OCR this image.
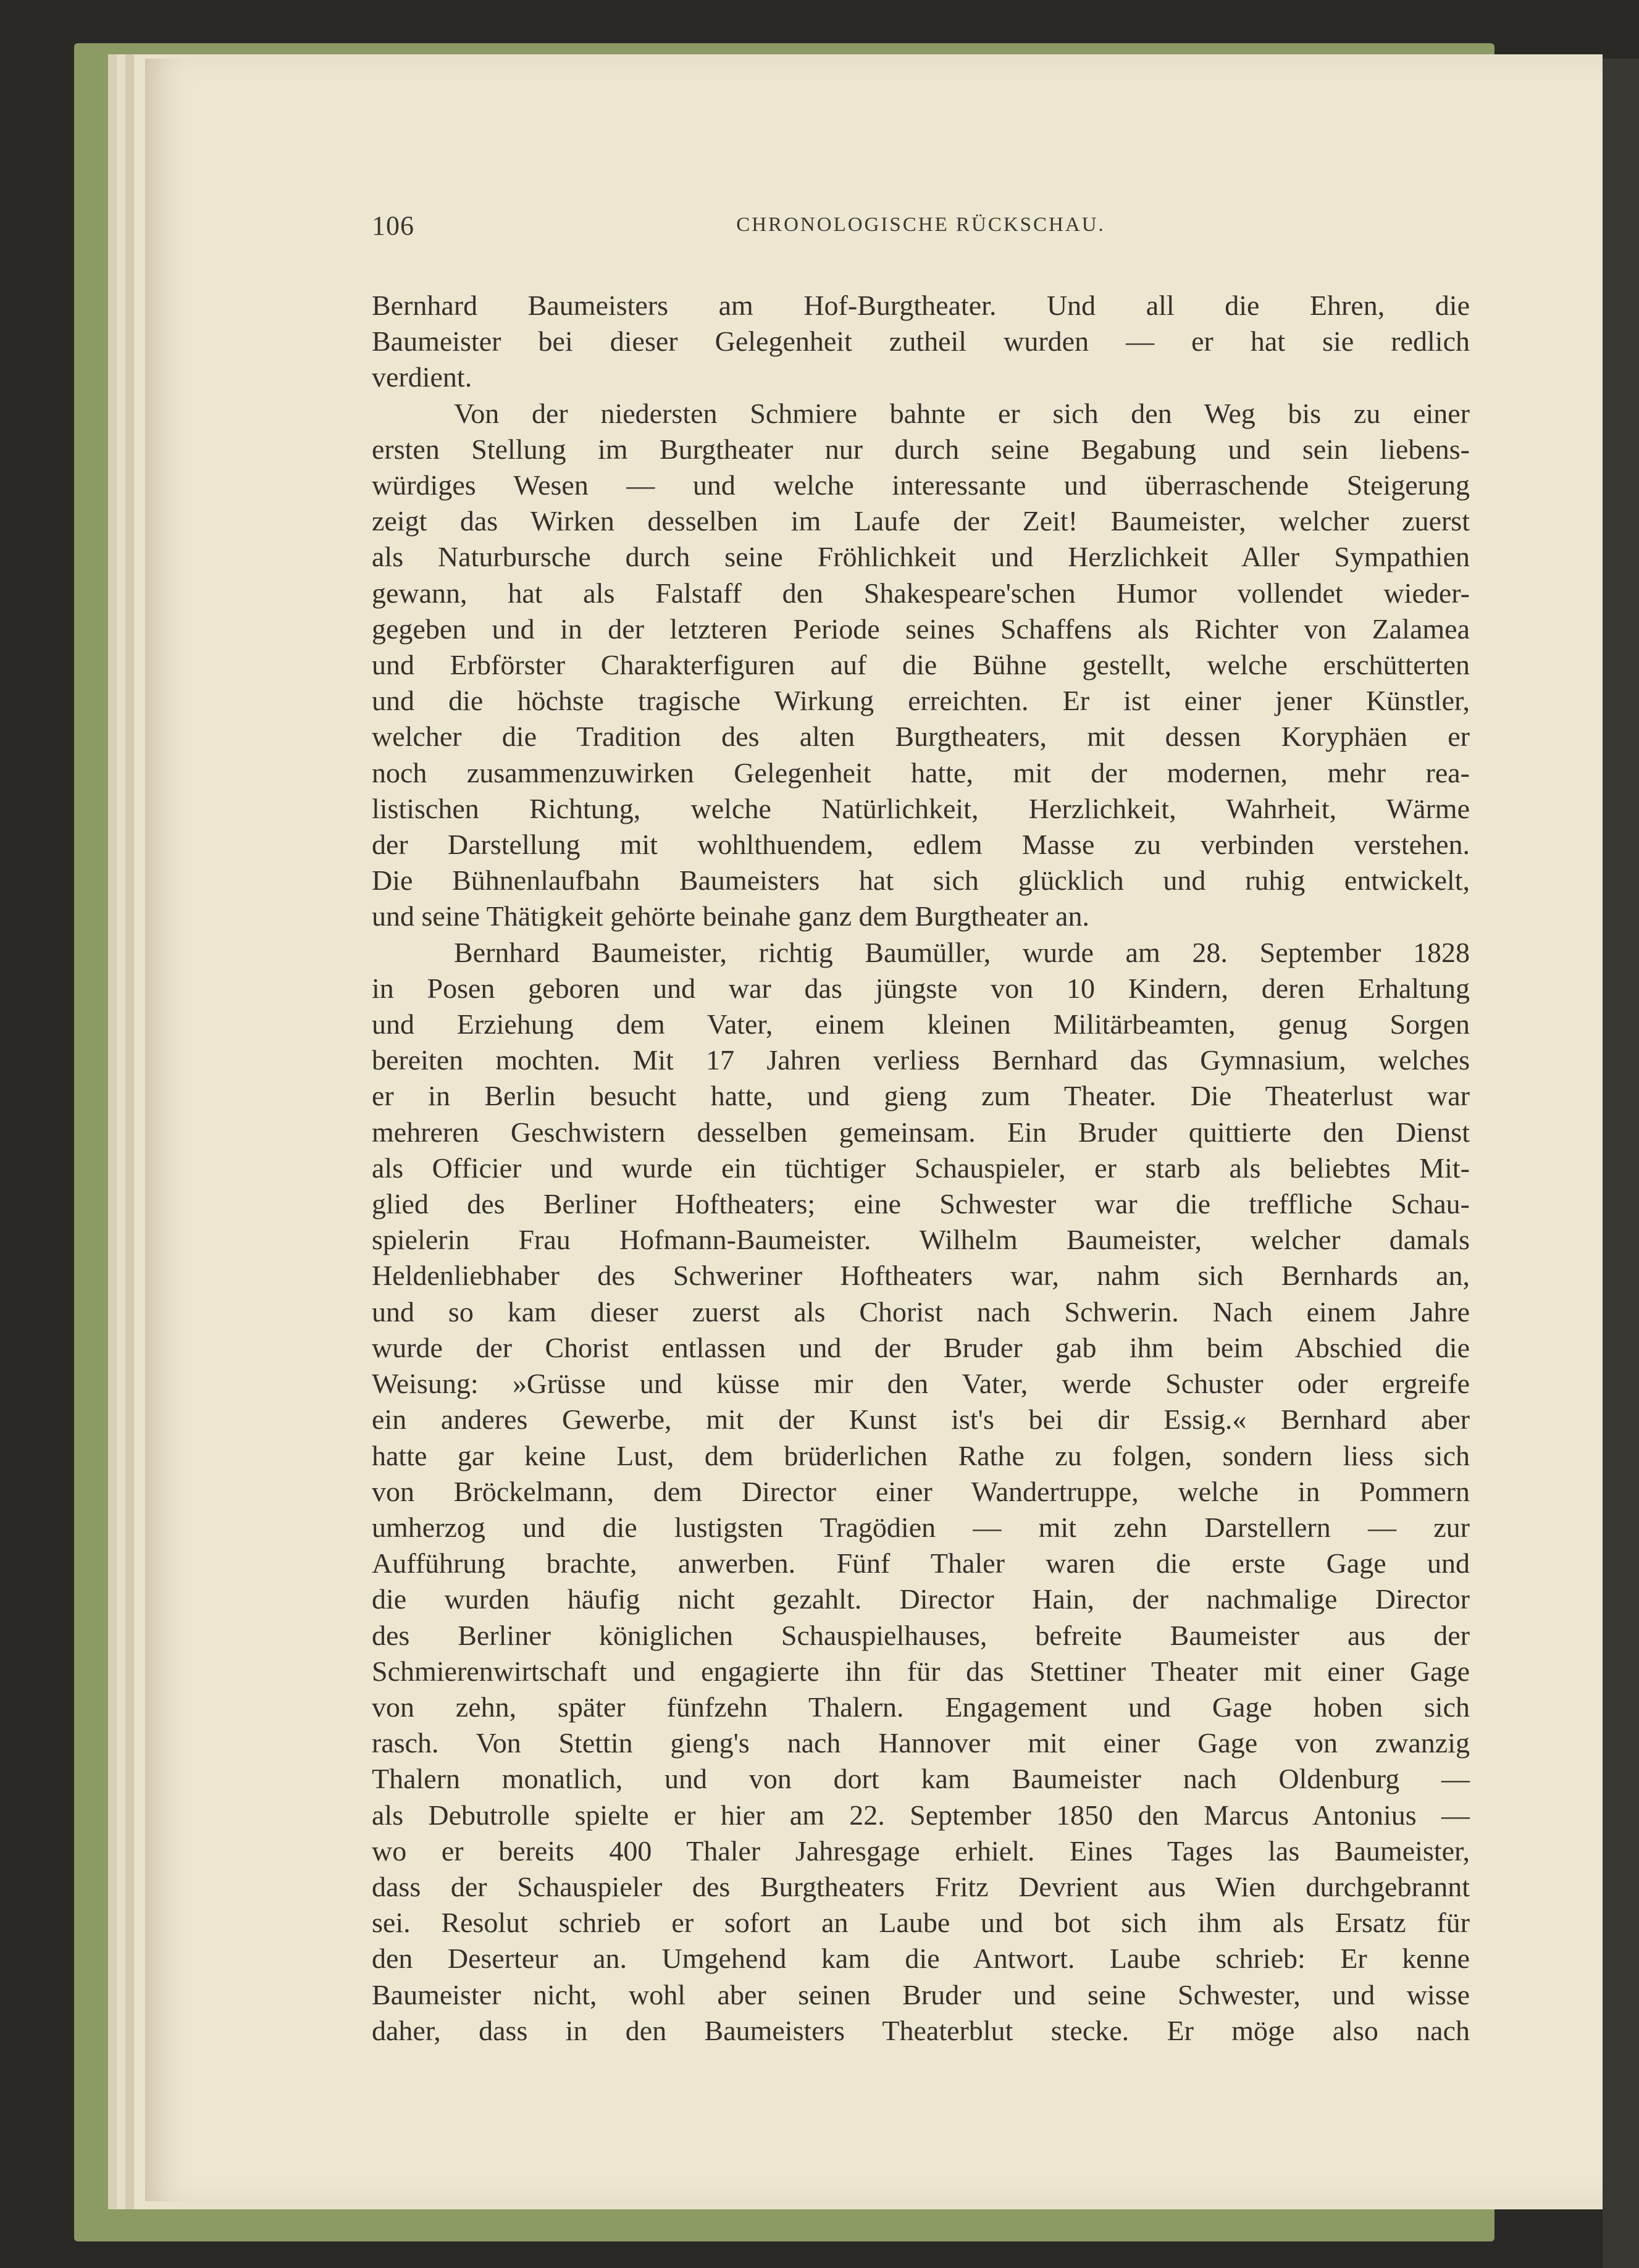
106	CHRONOLOGISCHE RÜCKSCHAU.

Bernhard Baumeisters am Hof-Burgtheater. Und all die Ehren, die
Baumeister bei dieser Gelegenheit zutheil wurden — er hat sie redlich
verdient.

Von der niedersten Schmiere bahnte er sich den Weg bis zu einer
ersten Stellung im Burgtheater nur durch seine Begabung und sein liebens-
würdiges Wesen — und welche interessante und überraschende Steigerung
zeigt das Wirken desselben im Laufe der Zeit! Baumeister, welcher zuerst
als Naturbursche durch seine Fröhlichkeit und Herzlichkeit Aller Sympathien
gewann, hat als Falstaff den Shakespeare'schen Humor vollendet wieder-
gegeben und in der letzteren Periode seines Schaffens als Richter von Zalamea
und Erbförster Charakterfiguren auf die Bühne gestellt, welche erschütterten
und die höchste tragische Wirkung erreichten. Er ist einer jener Künstler,
welcher die Tradition des alten Burgtheaters, mit dessen Koryphäen er
noch zusammenzuwirken Gelegenheit hatte, mit der modernen, mehr rea-
listischen Richtung, welche Natürlichkeit, Herzlichkeit, Wahrheit, Wärme
der Darstellung mit wohlthuendem, edlem Masse zu verbinden verstehen.
Die Bühnenlaufbahn Baumeisters hat sich glücklich und ruhig entwickelt,
und seine Thätigkeit gehörte beinahe ganz dem Burgtheater an.

Bernhard Baumeister, richtig Baumüller, wurde am 28. September 1828
in Posen geboren und war das jüngste von 10 Kindern, deren Erhaltung
und Erziehung dem Vater, einem kleinen Militärbeamten, genug Sorgen
bereiten mochten. Mit 17 Jahren verliess Bernhard das Gymnasium, welches
er in Berlin besucht hatte, und gieng zum Theater. Die Theaterlust war
mehreren Geschwistern desselben gemeinsam. Ein Bruder quittierte den Dienst
als Officier und wurde ein tüchtiger Schauspieler, er starb als beliebtes Mit-
glied des Berliner Hoftheaters; eine Schwester war die treffliche Schau-
spielerin Frau Hofmann-Baumeister. Wilhelm Baumeister, welcher damals
Heldenliebhaber des Schweriner Hoftheaters war, nahm sich Bernhards an,
und so kam dieser zuerst als Chorist nach Schwerin. Nach einem Jahre
wurde der Chorist entlassen und der Bruder gab ihm beim Abschied die
Weisung: »Grüsse und küsse mir den Vater, werde Schuster oder ergreife
ein anderes Gewerbe, mit der Kunst ist's bei dir Essig.« Bernhard aber
hatte gar keine Lust, dem brüderlichen Rathe zu folgen, sondern liess sich
von Bröckelmann, dem Director einer Wandertruppe, welche in Pommern
umherzog und die lustigsten Tragödien — mit zehn Darstellern — zur
Aufführung brachte, anwerben. Fünf Thaler waren die erste Gage und
die wurden häufig nicht gezahlt. Director Hain, der nachmalige Director
des Berliner königlichen Schauspielhauses, befreite Baumeister aus der
Schmierenwirtschaft und engagierte ihn für das Stettiner Theater mit einer Gage
von zehn, später fünfzehn Thalern. Engagement und Gage hoben sich
rasch. Von Stettin gieng's nach Hannover mit einer Gage von zwanzig
Thalern monatlich, und von dort kam Baumeister nach Oldenburg —
als Debutrolle spielte er hier am 22. September 1850 den Marcus Antonius —
wo er bereits 400 Thaler Jahresgage erhielt. Eines Tages las Baumeister,
dass der Schauspieler des Burgtheaters Fritz Devrient aus Wien durchgebrannt
sei. Resolut schrieb er sofort an Laube und bot sich ihm als Ersatz für
den Deserteur an. Umgehend kam die Antwort. Laube schrieb: Er kenne
Baumeister nicht, wohl aber seinen Bruder und seine Schwester, und wisse
daher, dass in den Baumeisters Theaterblut stecke. Er möge also nach
